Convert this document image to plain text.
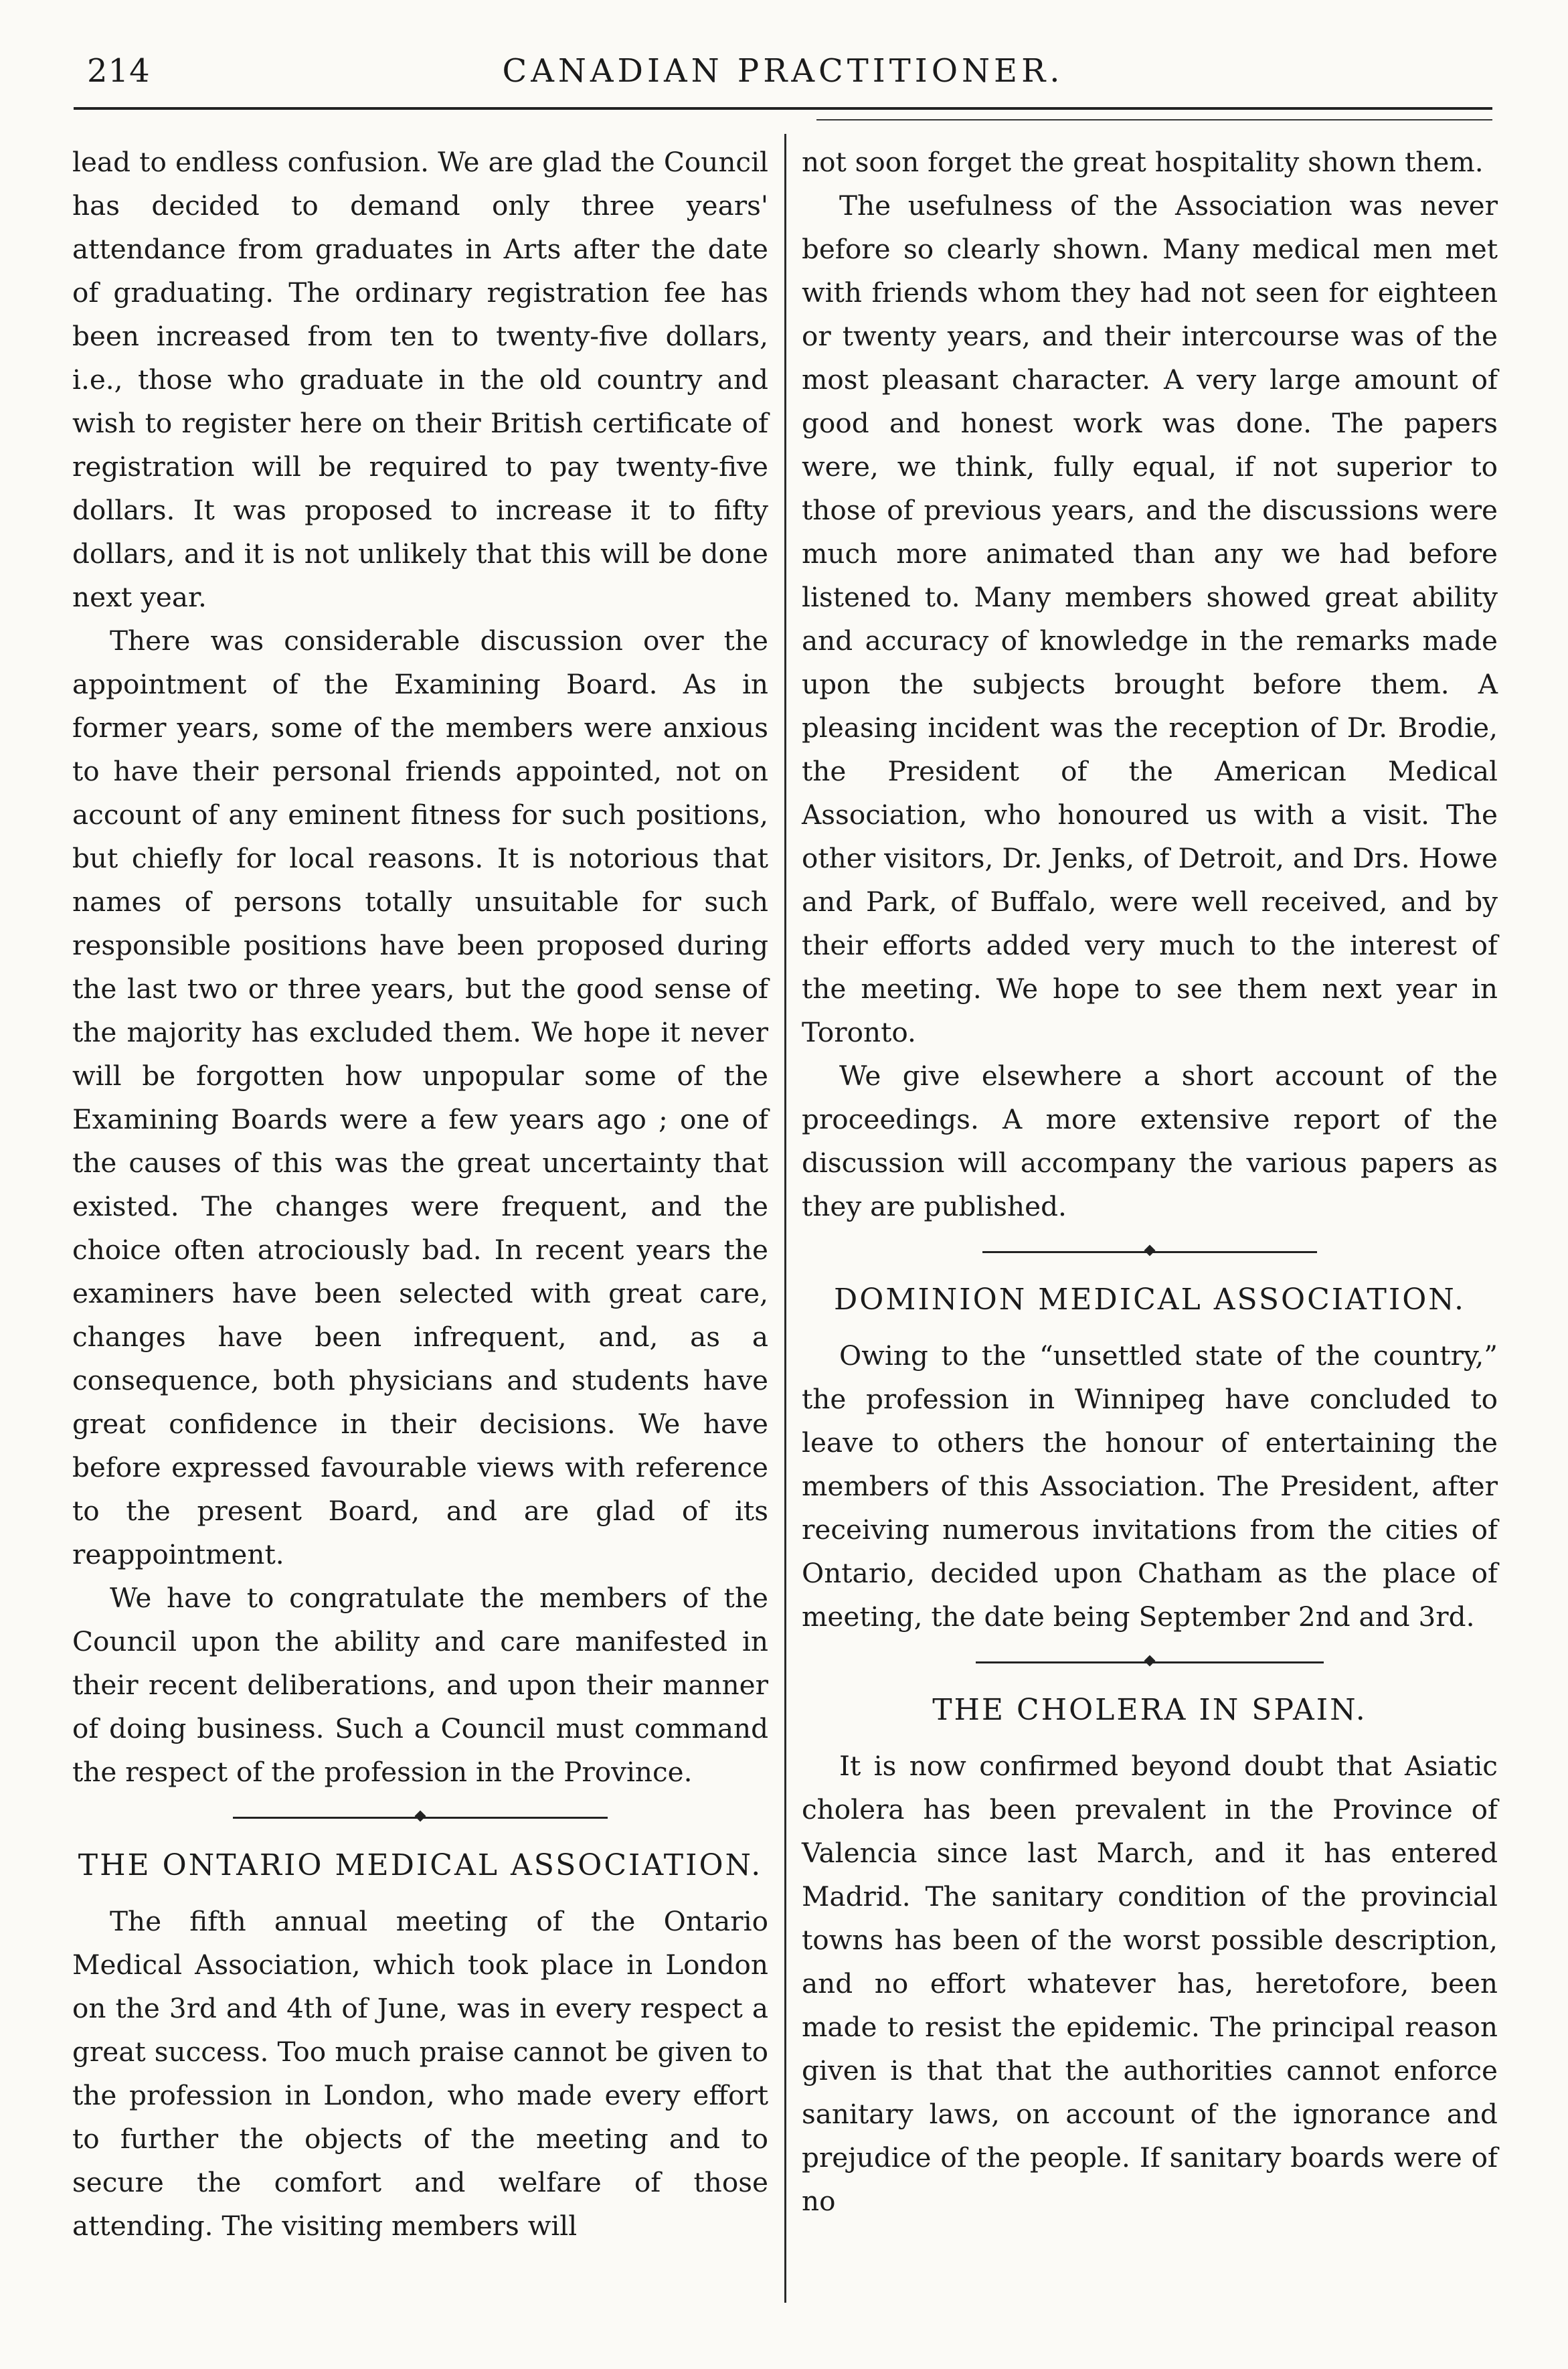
214	CANADIAN PRACTITIONER.

lead to endless confusion. We are glad the Council has decided to demand only three years' attendance from graduates in Arts after the date of graduating. The ordinary registration fee has been increased from ten to twenty-five dollars, i.e., those who graduate in the old country and wish to register here on their British certificate of registration will be required to pay twenty-five dollars. It was proposed to increase it to fifty dollars, and it is not unlikely that this will be done next year.

There was considerable discussion over the appointment of the Examining Board. As in former years, some of the members were anxious to have their personal friends appointed, not on account of any eminent fitness for such positions, but chiefly for local reasons. It is notorious that names of persons totally unsuitable for such responsible positions have been proposed during the last two or three years, but the good sense of the majority has excluded them. We hope it never will be forgotten how unpopular some of the Examining Boards were a few years ago ; one of the causes of this was the great uncertainty that existed. The changes were frequent, and the choice often atrociously bad. In recent years the examiners have been selected with great care, changes have been infrequent, and, as a consequence, both physicians and students have great confidence in their decisions. We have before expressed favourable views with reference to the present Board, and are glad of its reappointment.

We have to congratulate the members of the Council upon the ability and care manifested in their recent deliberations, and upon their manner of doing business. Such a Council must command the respect of the profession in the Province.

THE ONTARIO MEDICAL ASSOCIATION.

The fifth annual meeting of the Ontario Medical Association, which took place in London on the 3rd and 4th of June, was in every respect a great success. Too much praise cannot be given to the profession in London, who made every effort to further the objects of the meeting and to secure the comfort and welfare of those attending. The visiting members will

not soon forget the great hospitality shown them.

The usefulness of the Association was never before so clearly shown. Many medical men met with friends whom they had not seen for eighteen or twenty years, and their intercourse was of the most pleasant character. A very large amount of good and honest work was done. The papers were, we think, fully equal, if not superior to those of previous years, and the discussions were much more animated than any we had before listened to. Many members showed great ability and accuracy of knowledge in the remarks made upon the subjects brought before them. A pleasing incident was the reception of Dr. Brodie, the President of the American Medical Association, who honoured us with a visit. The other visitors, Dr. Jenks, of Detroit, and Drs. Howe and Park, of Buffalo, were well received, and by their efforts added very much to the interest of the meeting. We hope to see them next year in Toronto.

We give elsewhere a short account of the proceedings. A more extensive report of the discussion will accompany the various papers as they are published.

DOMINION MEDICAL ASSOCIATION.

Owing to the “unsettled state of the country,” the profession in Winnipeg have concluded to leave to others the honour of entertaining the members of this Association. The President, after receiving numerous invitations from the cities of Ontario, decided upon Chatham as the place of meeting, the date being September 2nd and 3rd.

THE CHOLERA IN SPAIN.

It is now confirmed beyond doubt that Asiatic cholera has been prevalent in the Province of Valencia since last March, and it has entered Madrid. The sanitary condition of the provincial towns has been of the worst possible description, and no effort whatever has, heretofore, been made to resist the epidemic. The principal reason given is that that the authorities cannot enforce sanitary laws, on account of the ignorance and prejudice of the people. If sanitary boards were of no
